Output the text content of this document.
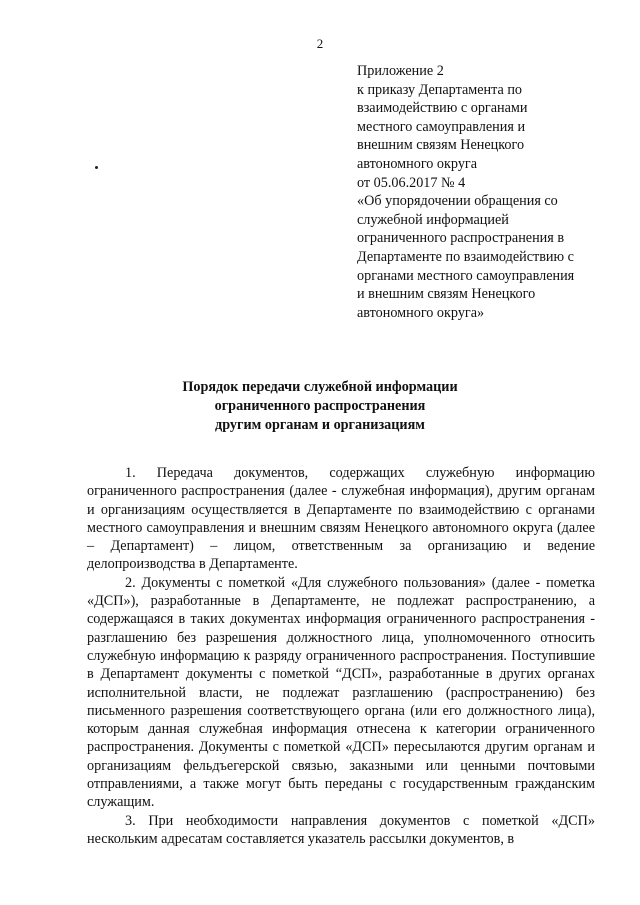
2
Приложение 2
к приказу Департамента по
взаимодействию с органами
местного самоуправления и
внешним связям Ненецкого
автономного округа
от 05.06.2017 № 4
«Об упорядочении обращения со
служебной информацией
ограниченного распространения в
Департаменте по взаимодействию с
органами местного самоуправления
и внешним связям Ненецкого
автономного округа»
Порядок передачи служебной информации
ограниченного распространения
другим органам и организациям

1. Передача документов, содержащих служебную информацию ограниченного распространения (далее - служебная информация), другим органам и организациям осуществляется в Департаменте по взаимодействию с органами местного самоуправления и внешним связям Ненецкого автономного округа (далее – Департамент) – лицом, ответственным за организацию и ведение делопроизводства в Департаменте.

2. Документы с пометкой «Для служебного пользования» (далее - пометка «ДСП»), разработанные в Департаменте, не подлежат распространению, а содержащаяся в таких документах информация ограниченного распространения - разглашению без разрешения должностного лица, уполномоченного относить служебную информацию к разряду ограниченного распространения. Поступившие в Департамент документы с пометкой “ДСП», разработанные в других органах исполнительной власти, не подлежат разглашению (распространению) без письменного разрешения соответствующего органа (или его должностного лица), которым данная служебная информация отнесена к категории ограниченного распространения. Документы с пометкой «ДСП» пересылаются другим органам и организациям фельдъегерской связью, заказными или ценными почтовыми отправлениями, а также могут быть переданы с государственным гражданским служащим.

3. При необходимости направления документов с пометкой «ДСП» нескольким адресатам составляется указатель рассылки документов, в
